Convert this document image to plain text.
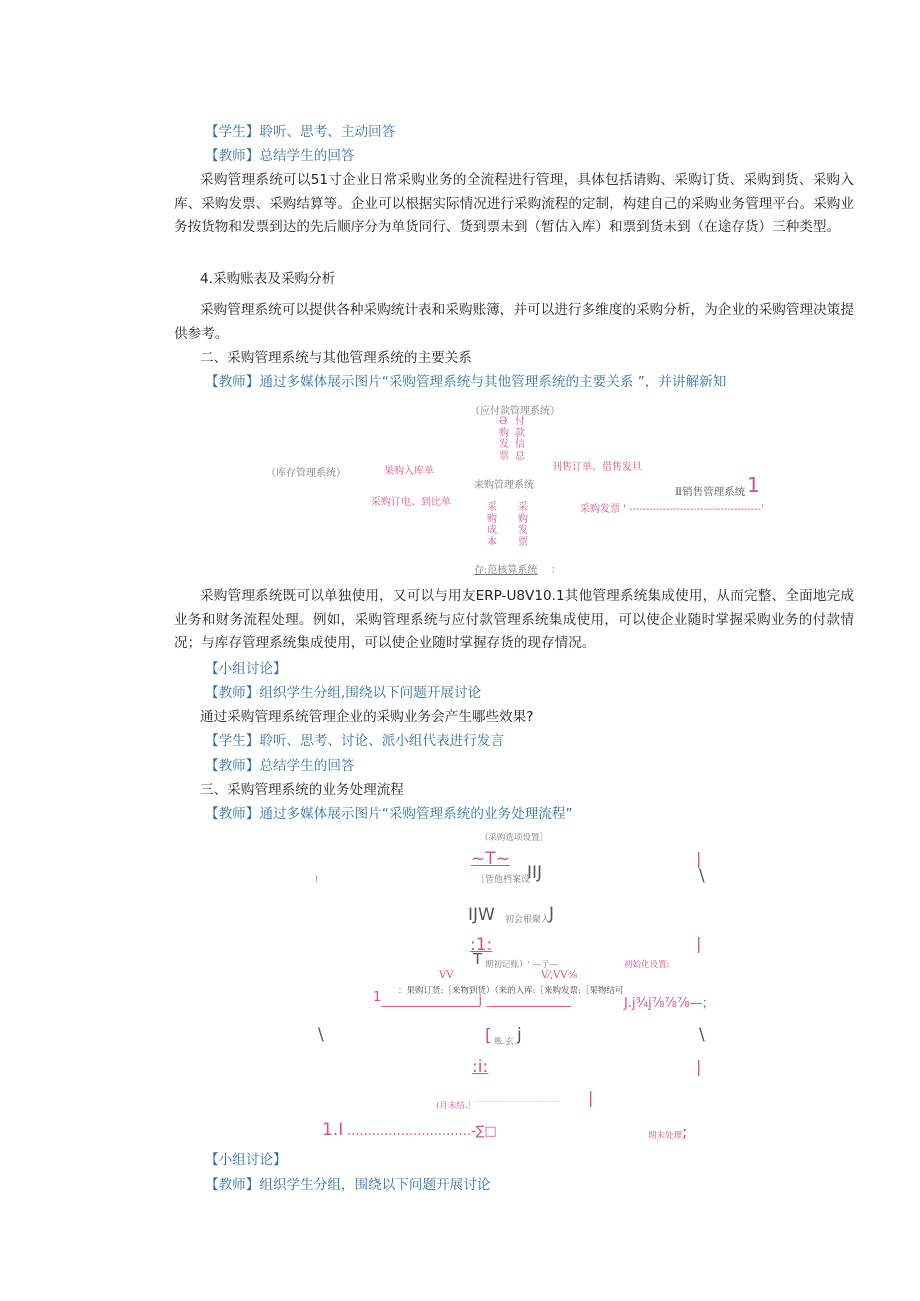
【学生】聆听、思考、主动回答
【教师】总结学生的回答
采购管理系统可以51寸企业日常采购业务的全流程进行管理，具体包括请购、采购订货、采购到货、采购入库、采购发票、采购结算等。企业可以根据实际情况进行采购流程的定制，构建自己的采购业务管理平台。采购业务按货物和发票到达的先后顺序分为单货同行、货到票未到（暂估入库）和票到货未到（在途存货）三种类型。
4.采购账表及采购分析
采购管理系统可以提供各种采购统计表和采购账簿，并可以进行多维度的采购分析，为企业的采购管理决策提供参考。
二、采购管理系统与其他管理系统的主要关系
【教师】通过多媒体展示图片“采购管理系统与其他管理系统的主要关系 ”，并讲解新知
（应付款管理系统）
Ә购发票
付款信总
（库存管理系统）	果购入库单	刊售订单、借售发旦
来购管理系统
采购订电、到比单
采购发票 ' ---------------------------------------'
Ⅱ销售管理系统 1
采购成本
采购发票
存:范核算系统 ：
采购管理系统既可以单独使用，又可以与用友ERP-U8V10.1其他管理系统集成使用，从而完整、全面地完成业务和财务流程处理。例如，采购管理系统与应付款管理系统集成使用，可以使企业随时掌握采购业务的付款情况；与库存管理系统集成使用，可以使企业随时掌握存货的现存情况。
【小组讨论】
【教师】组织学生分组,围绕以下问题开展讨论
通过采购管理系统管理企业的采购业务会产生哪些效果?
【学生】聆听、思考、讨论、派小组代表进行发言
【教师】总结学生的回答
三、采购管理系统的业务处理流程
【教师】通过多媒体展示图片“采购管理系统的业务处理流程”
（采购选项设置］
~T~	|
!	［皆他档案设
IIJ	\
IJW 初会根聚入
J
:1:	|
T 期初记账）' ―亍―	初始化设置:
VV	V⁄‚VV⅜
：果购订货:［来物到货）（来的入库:［来购发票:［果物结可
1 _______________j _____________	J.j¾j⅞⅞⅞—;
\	[ 账.玄. j	\
:i:	|
(月末结.］
.......................................................... |
1.I ..............................-∑□	期末处理 ;
【小组讨论】
【教师】组织学生分组，围绕以下问题开展讨论
